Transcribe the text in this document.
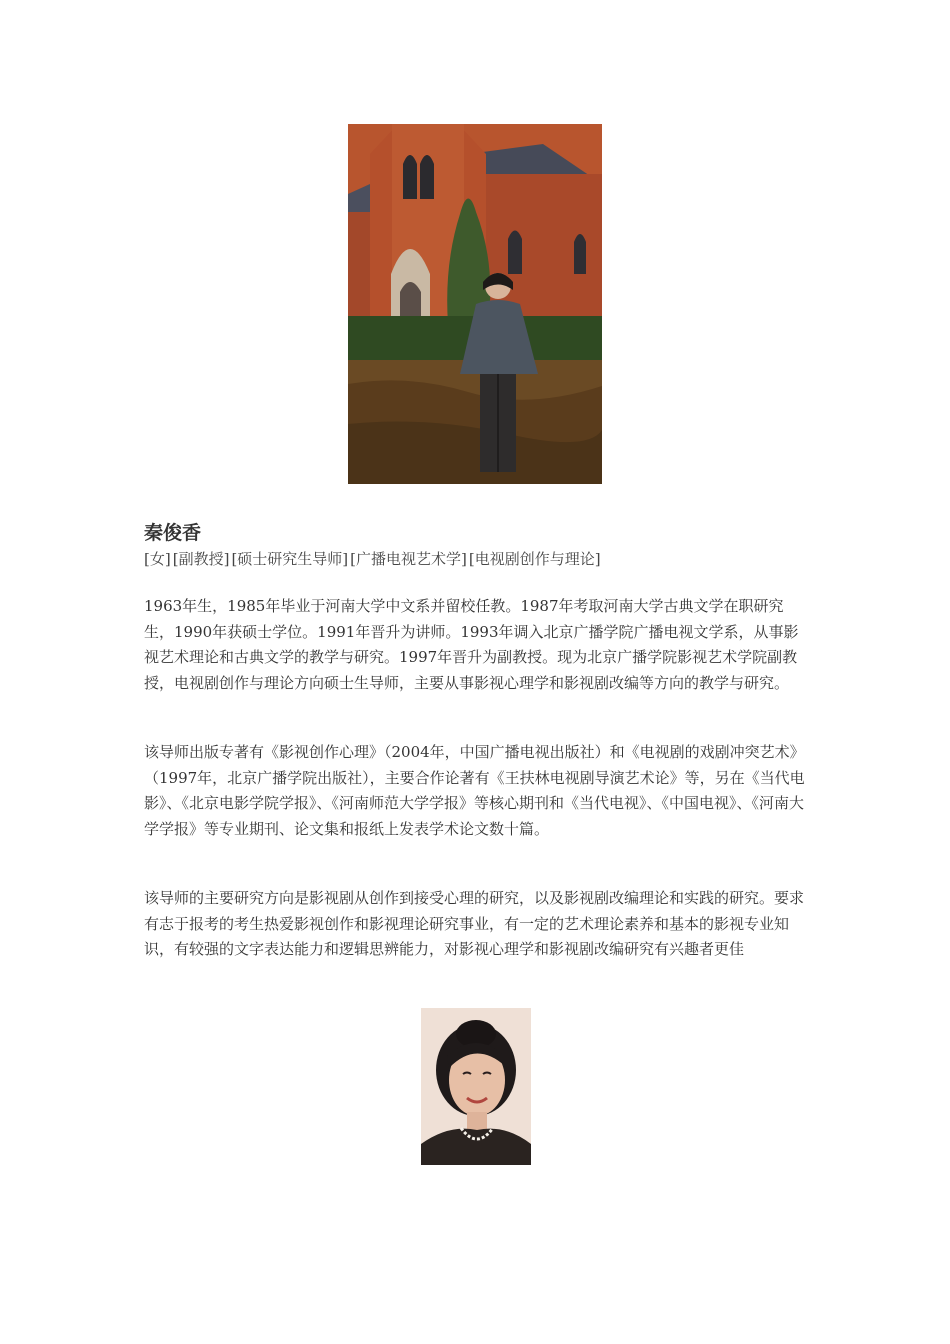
秦俊香
[女] [副教授] [硕士研究生导师] [广播电视艺术学] [电视剧创作与理论]

1963年生，1985年毕业于河南大学中文系并留校任教。1987年考取河南大学古典文学在职研究生，1990年获硕士学位。1991年晋升为讲师。1993年调入北京广播学院广播电视文学系，从事影视艺术理论和古典文学的教学与研究。1997年晋升为副教授。现为北京广播学院影视艺术学院副教授，电视剧创作与理论方向硕士生导师，主要从事影视心理学和影视剧改编等方向的教学与研究。

该导师出版专著有《影视创作心理》（2004年，中国广播电视出版社）和《电视剧的戏剧冲突艺术》（1997年，北京广播学院出版社），主要合作论著有《王扶林电视剧导演艺术论》等，另在《当代电影》、《北京电影学院学报》、《河南师范大学学报》等核心期刊和《当代电视》、《中国电视》、《河南大学学报》等专业期刊、论文集和报纸上发表学术论文数十篇。

该导师的主要研究方向是影视剧从创作到接受心理的研究，以及影视剧改编理论和实践的研究。要求有志于报考的考生热爱影视创作和影视理论研究事业，有一定的艺术理论素养和基本的影视专业知识，有较强的文字表达能力和逻辑思辨能力，对影视心理学和影视剧改编研究有兴趣者更佳
